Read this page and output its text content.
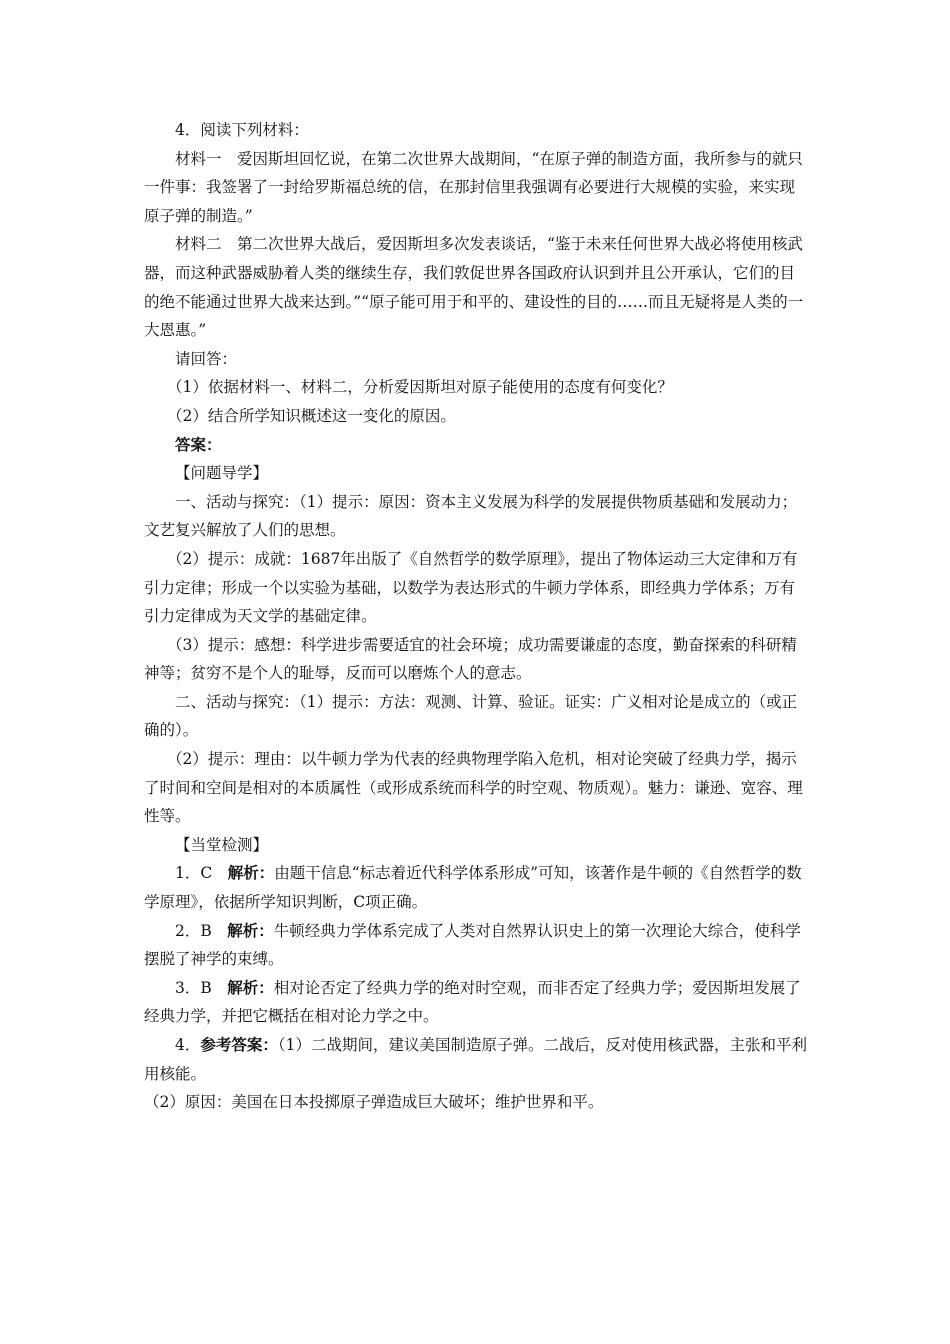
4．阅读下列材料：

材料一　爱因斯坦回忆说，在第二次世界大战期间，“在原子弹的制造方面，我所参与的就只一件事：我签署了一封给罗斯福总统的信，在那封信里我强调有必要进行大规模的实验，来实现原子弹的制造。”

材料二　第二次世界大战后，爱因斯坦多次发表谈话，“鉴于未来任何世界大战必将使用核武器，而这种武器威胁着人类的继续生存，我们敦促世界各国政府认识到并且公开承认，它们的目的绝不能通过世界大战来达到。”“原子能可用于和平的、建设性的目的……而且无疑将是人类的一大恩惠。”

请回答：

（1）依据材料一、材料二，分析爱因斯坦对原子能使用的态度有何变化？

（2）结合所学知识概述这一变化的原因。

答案：

【问题导学】

一、活动与探究：（1）提示：原因：资本主义发展为科学的发展提供物质基础和发展动力；文艺复兴解放了人们的思想。

（2）提示：成就：1687年出版了《自然哲学的数学原理》，提出了物体运动三大定律和万有引力定律；形成一个以实验为基础，以数学为表达形式的牛顿力学体系，即经典力学体系；万有引力定律成为天文学的基础定律。

（3）提示：感想：科学进步需要适宜的社会环境；成功需要谦虚的态度，勤奋探索的科研精神等；贫穷不是个人的耻辱，反而可以磨炼个人的意志。

二、活动与探究：（1）提示：方法：观测、计算、验证。证实：广义相对论是成立的（或正确的）。

（2）提示：理由：以牛顿力学为代表的经典物理学陷入危机，相对论突破了经典力学，揭示了时间和空间是相对的本质属性（或形成系统而科学的时空观、物质观）。魅力：谦逊、宽容、理性等。

【当堂检测】

1．C　解析：由题干信息“标志着近代科学体系形成”可知，该著作是牛顿的《自然哲学的数学原理》，依据所学知识判断，C项正确。

2．B　解析：牛顿经典力学体系完成了人类对自然界认识史上的第一次理论大综合，使科学摆脱了神学的束缚。

3．B　解析：相对论否定了经典力学的绝对时空观，而非否定了经典力学；爱因斯坦发展了经典力学，并把它概括在相对论力学之中。

4．参考答案：（1）二战期间，建议美国制造原子弹。二战后，反对使用核武器，主张和平利用核能。

（2）原因：美国在日本投掷原子弹造成巨大破坏；维护世界和平。
